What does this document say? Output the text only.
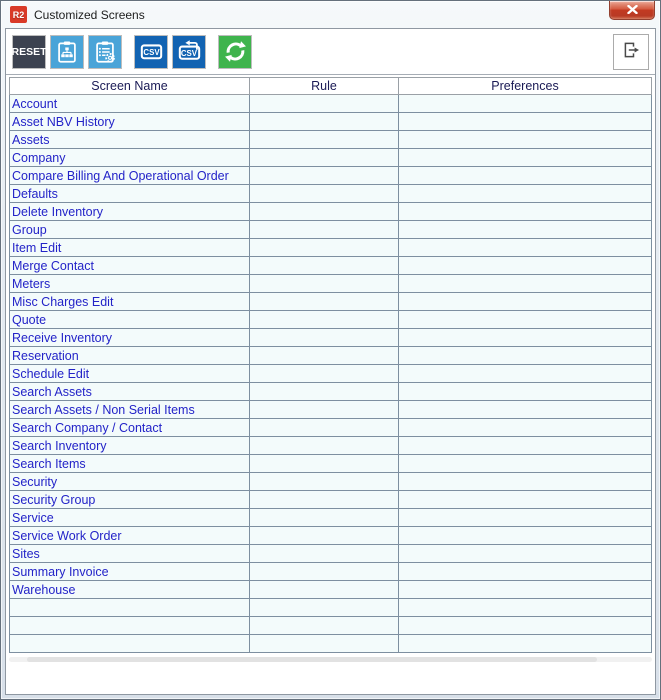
R2 Customized Screens
RESET	CSV	CSV
Screen Name	Rule	Preferences
Account		
Asset NBV History		
Assets		
Company		
Compare Billing And Operational Order		
Defaults		
Delete Inventory		
Group		
Item Edit		
Merge Contact		
Meters		
Misc Charges Edit		
Quote		
Receive Inventory		
Reservation		
Schedule Edit		
Search Assets		
Search Assets / Non Serial Items		
Search Company / Contact		
Search Inventory		
Search Items		
Security		
Security Group		
Service		
Service Work Order		
Sites		
Summary Invoice		
Warehouse		
